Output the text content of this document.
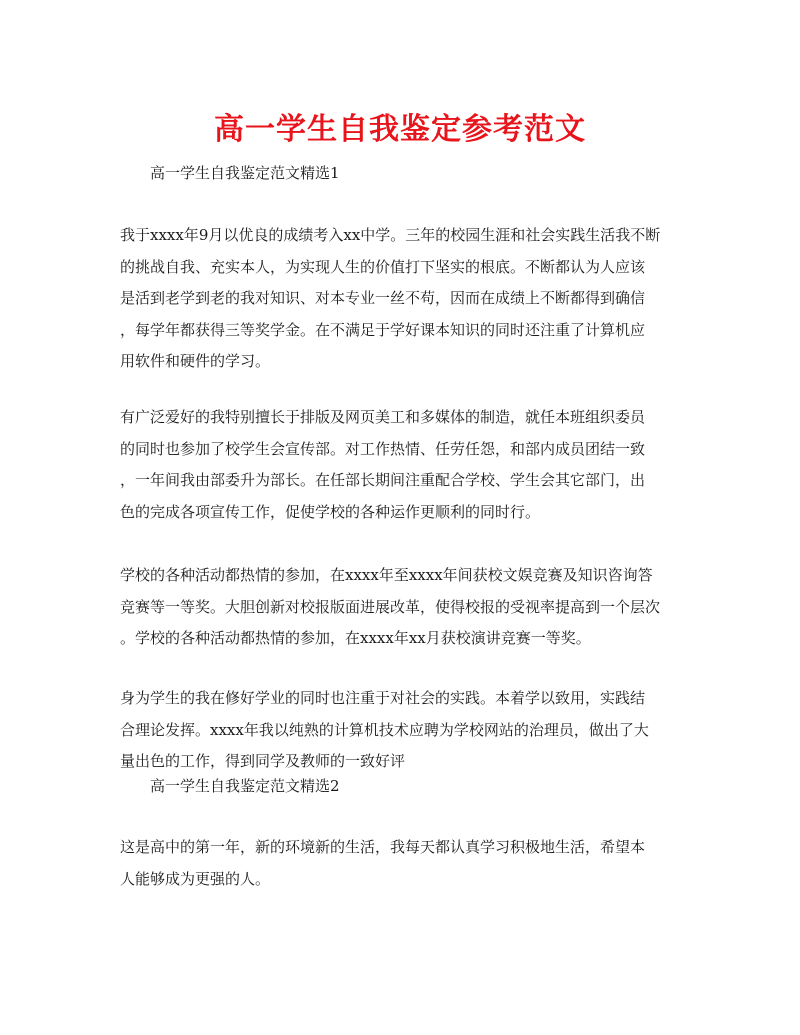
高一学生自我鉴定参考范文
高一学生自我鉴定范文精选1
我于xxxx年9月以优良的成绩考入xx中学。三年的校园生涯和社会实践生活我不断
的挑战自我、充实本人，为实现人生的价值打下坚实的根底。不断都认为人应该
是活到老学到老的我对知识、对本专业一丝不苟，因而在成绩上不断都得到确信
，每学年都获得三等奖学金。在不满足于学好课本知识的同时还注重了计算机应
用软件和硬件的学习。
有广泛爱好的我特别擅长于排版及网页美工和多媒体的制造，就任本班组织委员
的同时也参加了校学生会宣传部。对工作热情、任劳任怨，和部内成员团结一致
，一年间我由部委升为部长。在任部长期间注重配合学校、学生会其它部门，出
色的完成各项宣传工作，促使学校的各种运作更顺利的同时行。
学校的各种活动都热情的参加，在xxxx年至xxxx年间获校文娱竞赛及知识咨询答
竞赛等一等奖。大胆创新对校报版面进展改革，使得校报的受视率提高到一个层次
。学校的各种活动都热情的参加，在xxxx年xx月获校演讲竞赛一等奖。
身为学生的我在修好学业的同时也注重于对社会的实践。本着学以致用，实践结
合理论发挥。xxxx年我以纯熟的计算机技术应聘为学校网站的治理员，做出了大
量出色的工作，得到同学及教师的一致好评
高一学生自我鉴定范文精选2
这是高中的第一年，新的环境新的生活，我每天都认真学习积极地生活，希望本
人能够成为更强的人。
